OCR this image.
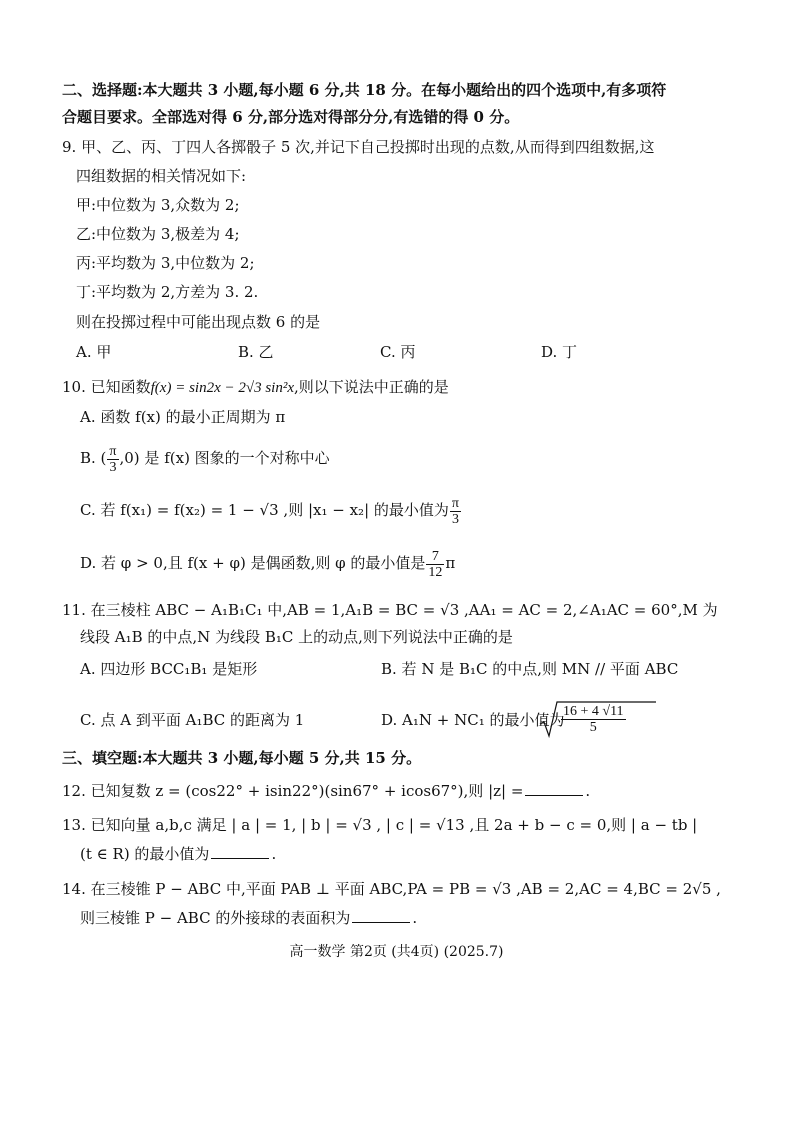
二、选择题:本大题共 3 小题,每小题 6 分,共 18 分。在每小题给出的四个选项中,有多项符
合题目要求。全部选对得 6 分,部分选对得部分分,有选错的得 0 分。
9. 甲、乙、丙、丁四人各掷骰子 5 次,并记下自己投掷时出现的点数,从而得到四组数据,这
四组数据的相关情况如下:
甲:中位数为 3,众数为 2;
乙:中位数为 3,极差为 4;
丙:平均数为 3,中位数为 2;
丁:平均数为 2,方差为 3. 2.
则在投掷过程中可能出现点数 6 的是
A. 甲	B. 乙	C. 丙	D. 丁
10. 已知函数f(x) = sin2x − 2√3 sin²x,则以下说法中正确的是
A. 函数 f(x) 的最小正周期为 π
B. ( $\frac{\pi}{3} ,0$) 是 f(x) 图象的一个对称中心
C. 若 f(x₁) = f(x₂) = 1 − √3 ,则 |x₁ − x₂| 的最小值为 $\frac{\pi}{3}$
D. 若 φ > 0,且 f(x + φ) 是偶函数,则 φ 的最小值是 $\frac{7}{12}$ π
11. 在三棱柱 ABC − A₁B₁C₁ 中,AB = 1,A₁B = BC = √3 ,AA₁ = AC = 2,∠A₁AC = 60°,M 为
线段 A₁B 的中点,N 为线段 B₁C 上的动点,则下列说法中正确的是
A. 四边形 BCC₁B₁ 是矩形	B. 若 N 是 B₁C 的中点,则 MN // 平面 ABC
C. 点 A 到平面 A₁BC 的距离为 1	D. A₁N + NC₁ 的最小值为
$\frac{16 + 4 √11}{5}$
三、填空题:本大题共 3 小题,每小题 5 分,共 15 分。
12. 已知复数 z = (cos22° + isin22°)(sin67° + icos67°),则 |z| =	.
13. 已知向量 a,b,c 满足 | a | = 1, | b | = √3 , | c | = √13 ,且 2a + b − c = 0,则 | a − tb |
(t ∈ R) 的最小值为	.
14. 在三棱锥 P − ABC 中,平面 PAB ⊥ 平面 ABC,PA = PB = √3 ,AB = 2,AC = 4,BC = 2√5 ,
则三棱锥 P − ABC 的外接球的表面积为	.
高一数学 第2页 (共4页) (2025.7)
